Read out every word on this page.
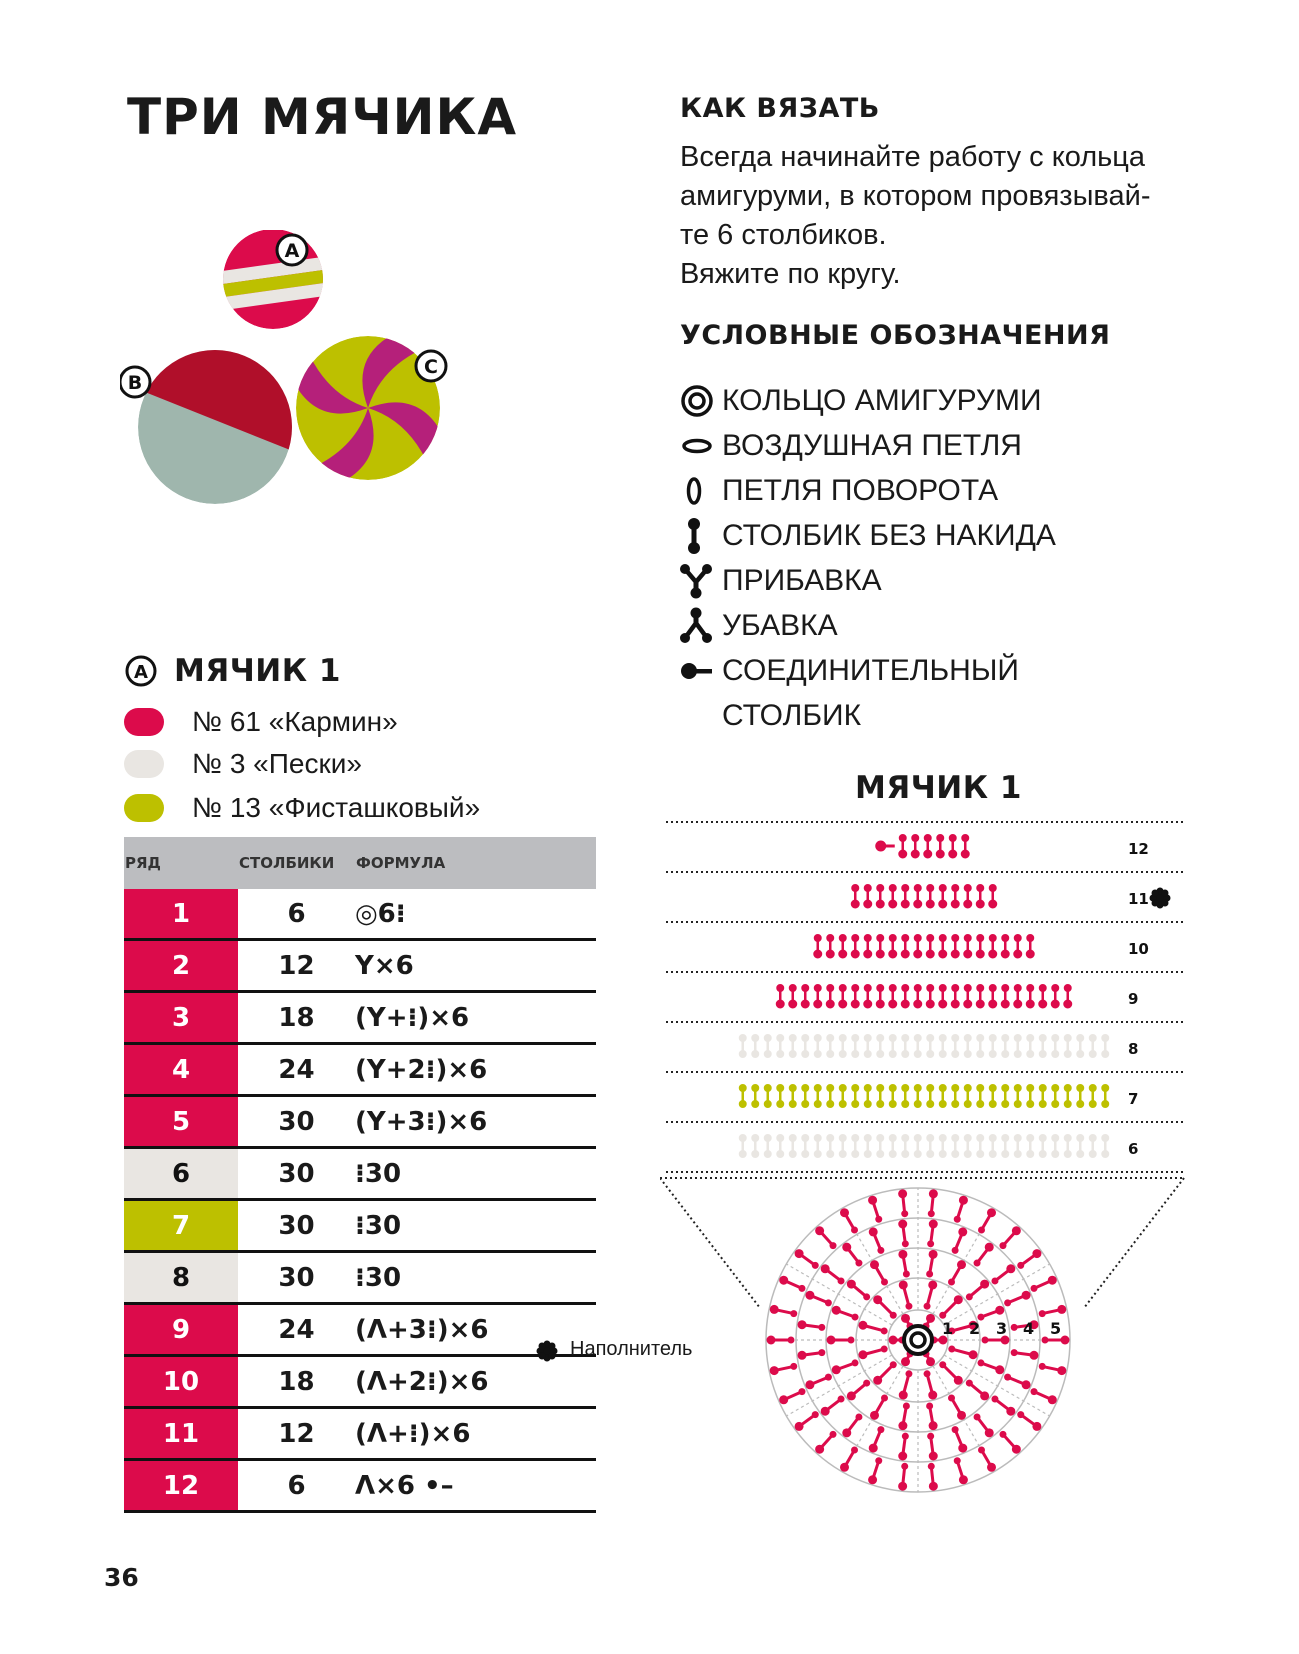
ТРИ МЯЧИКА
A
B
C
КАК ВЯЗАТЬ
Всегда начинайте работу с кольца
амигуруми, в котором провязывай-
те 6 столбиков.
Вяжите по кругу.
УСЛОВНЫЕ ОБОЗНАЧЕНИЯ
КОЛЬЦО АМИГУРУМИ
ВОЗДУШНАЯ ПЕТЛЯ
ПЕТЛЯ ПОВОРОТА
СТОЛБИК БЕЗ НАКИДА
ПРИБАВКА
УБАВКА
СОЕДИНИТЕЛЬНЫЙ
СТОЛБИК
A МЯЧИК 1
№ 61 «Кармин»
№ 3 «Пески»
№ 13 «Фисташковый»
РЯД	СТОЛБИКИ	ФОРМУЛА
1	6	◎6⁝
2	12	Y×6
3	18	(Y+⁝)×6
4	24	(Y+2⁝)×6
5	30	(Y+3⁝)×6
6	30	⁝30
7	30	⁝30
8	30	⁝30
9	24	(Λ+3⁝)×6
10	18	(Λ+2⁝)×6
11	12	(Λ+⁝)×6
12	6	Λ×6 •–
Наполнитель
МЯЧИК 1
12
11
10
9
8
7
6
1 2 3 4 5
36
